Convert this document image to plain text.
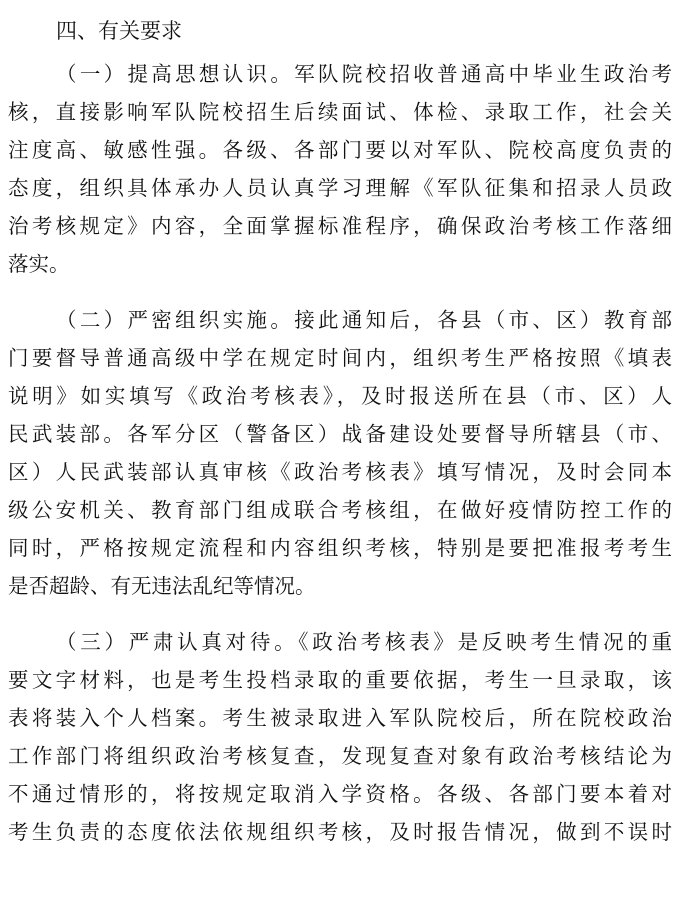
四、有关要求
（一）提高思想认识。军队院校招收普通高中毕业生政治考
核，直接影响军队院校招生后续面试、体检、录取工作，社会关
注度高、敏感性强。各级、各部门要以对军队、院校高度负责的
态度，组织具体承办人员认真学习理解《军队征集和招录人员政
治考核规定》内容，全面掌握标准程序，确保政治考核工作落细
落实。
（二）严密组织实施。接此通知后，各县（市、区）教育部
门要督导普通高级中学在规定时间内，组织考生严格按照《填表
说明》如实填写《政治考核表》，及时报送所在县（市、区）人
民武装部。各军分区（警备区）战备建设处要督导所辖县（市、
区）人民武装部认真审核《政治考核表》填写情况，及时会同本
级公安机关、教育部门组成联合考核组，在做好疫情防控工作的
同时，严格按规定流程和内容组织考核，特别是要把准报考考生
是否超龄、有无违法乱纪等情况。
（三）严肃认真对待。《政治考核表》是反映考生情况的重
要文字材料，也是考生投档录取的重要依据，考生一旦录取，该
表将装入个人档案。考生被录取进入军队院校后，所在院校政治
工作部门将组织政治考核复查，发现复查对象有政治考核结论为
不通过情形的，将按规定取消入学资格。各级、各部门要本着对
考生负责的态度依法依规组织考核，及时报告情况，做到不误时
